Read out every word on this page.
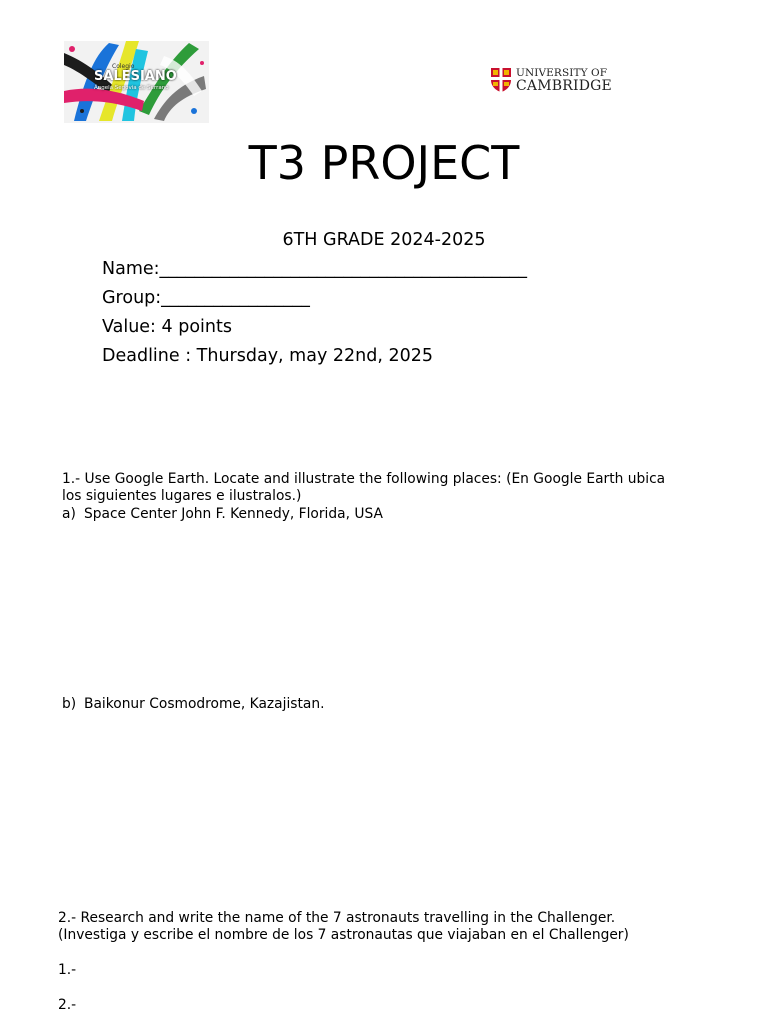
Colegio
SALESIANO
Ángela Segovia de Serrano
UNIVERSITY OF
CAMBRIDGE
T3 PROJECT
6TH GRADE 2024-2025
Name:__________________________________________
Group:_________________
Value: 4 points
Deadline : Thursday, may 22nd, 2025
1.- Use Google Earth. Locate and illustrate the following places: (En Google Earth ubica
los siguientes lugares e ilustralos.)
a) Space Center John F. Kennedy, Florida, USA
b) Baikonur Cosmodrome, Kazajistan.
2.- Research and write the name of the 7 astronauts travelling in the Challenger.
(Investiga y escribe el nombre de los 7 astronautas que viajaban en el Challenger)
1.-
2.-
